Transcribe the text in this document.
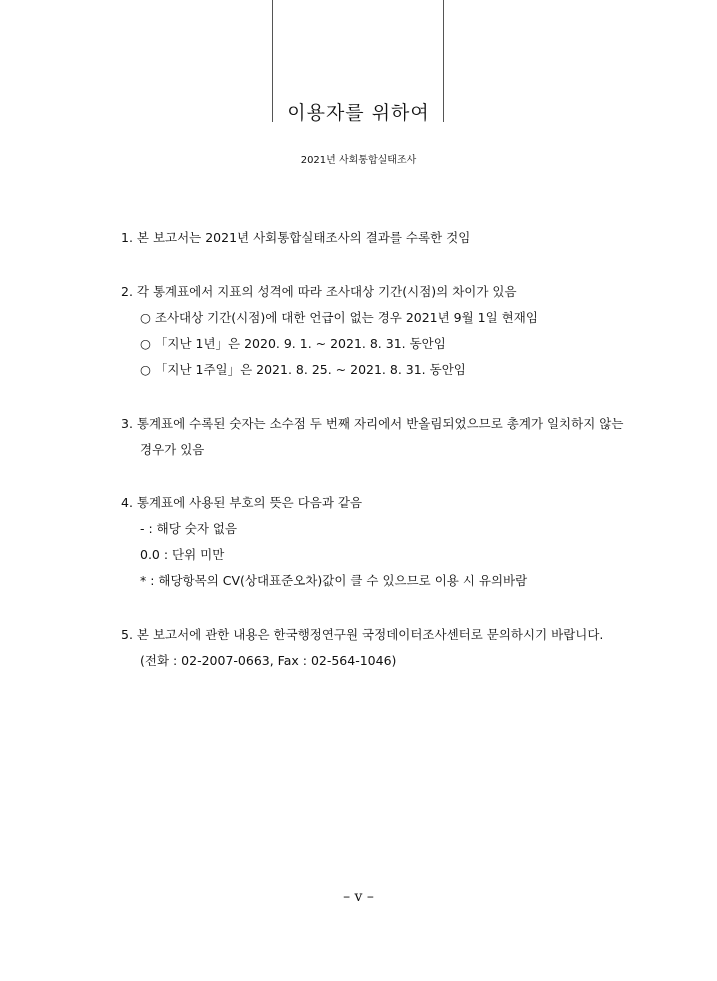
이용자를 위하여
2021년 사회통합실태조사
1. 본 보고서는 2021년 사회통합실태조사의 결과를 수록한 것임
2. 각 통계표에서 지표의 성격에 따라 조사대상 기간(시점)의 차이가 있음
○ 조사대상 기간(시점)에 대한 언급이 없는 경우 2021년 9월 1일 현재임
○ 「지난 1년」은 2020. 9. 1. ~ 2021. 8. 31. 동안임
○ 「지난 1주일」은 2021. 8. 25. ~ 2021. 8. 31. 동안임
3. 통계표에 수록된 숫자는 소수점 두 번째 자리에서 반올림되었으므로 총계가 일치하지 않는
경우가 있음
4. 통계표에 사용된 부호의 뜻은 다음과 같음
- : 해당 숫자 없음
0.0 : 단위 미만
* : 해당항목의 CV(상대표준오차)값이 클 수 있으므로 이용 시 유의바람
5. 본 보고서에 관한 내용은 한국행정연구원 국정데이터조사센터로 문의하시기 바랍니다.
(전화 : 02-2007-0663, Fax : 02-564-1046)
– v –
